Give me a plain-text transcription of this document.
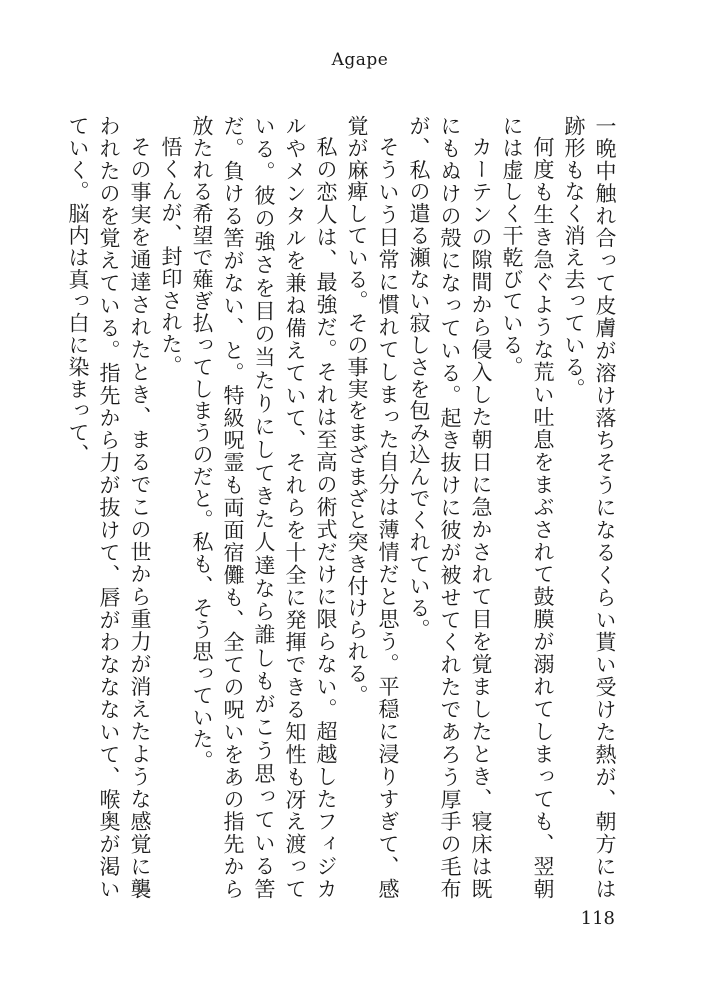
Agape

一晩中触れ合って皮膚が溶け落ちそうになるくらい貰い受けた熱が、朝方には跡形もなく消え去っている。

何度も生き急ぐような荒い吐息をまぶされて鼓膜が溺れてしまっても、翌朝には虚しく干乾びている。

カーテンの隙間から侵入した朝日に急かされて目を覚ましたとき、寝床は既にもぬけの殻になっている。起き抜けに彼が被せてくれたであろう厚手の毛布が、私の遣る瀬ない寂しさを包み込んでくれている。

そういう日常に慣れてしまった自分は薄情だと思う。平穏に浸りすぎて、感覚が麻痺している。その事実をまざまざと突き付けられる。

私の恋人は、最強だ。それは至高の術式だけに限らない。超越したフィジカルやメンタルを兼ね備えていて、それらを十全に発揮できる知性も冴え渡っている。彼の強さを目の当たりにしてきた人達なら誰しもがこう思っている筈だ。負ける筈がない、と。特級呪霊も両面宿儺も、全ての呪いをあの指先から放たれる希望で薙ぎ払ってしまうのだと。私も、そう思っていた。

悟くんが、封印された。

その事実を通達されたとき、まるでこの世から重力が消えたような感覚に襲われたのを覚えている。指先から力が抜けて、唇がわななないて、喉奥が渇いていく。脳内は真っ白に染まって、

118
